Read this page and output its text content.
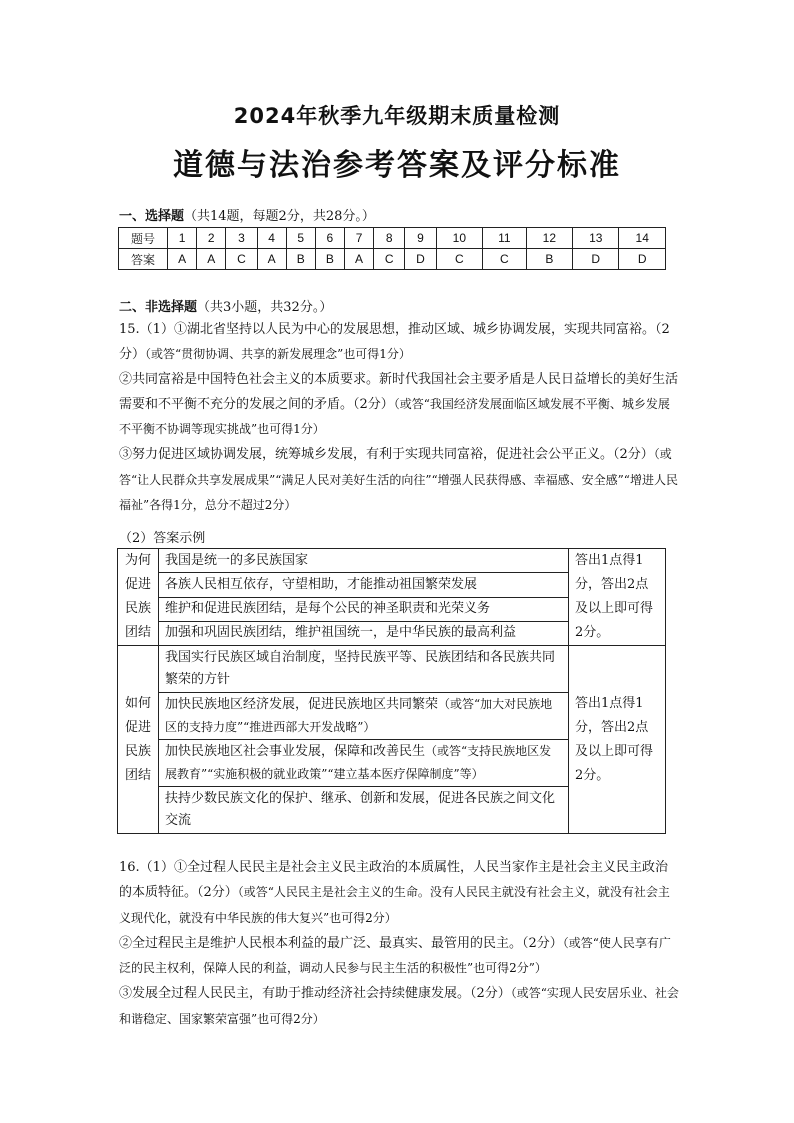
2024年秋季九年级期末质量检测
道德与法治参考答案及评分标准
一、选择题（共14题，每题2分，共28分。）
题号	1	2	3	4	5	6	7	8	9	10	11	12	13	14
答案	A	A	C	A	B	B	A	C	D	C	C	B	D	D
二、非选择题（共3小题，共32分。）
15.（1）①湖北省坚持以人民为中心的发展思想，推动区域、城乡协调发展，实现共同富裕。（2分）（或答“贯彻协调、共享的新发展理念”也可得1分）
②共同富裕是中国特色社会主义的本质要求。新时代我国社会主要矛盾是人民日益增长的美好生活需要和不平衡不充分的发展之间的矛盾。（2分）（或答“我国经济发展面临区域发展不平衡、城乡发展不平衡不协调等现实挑战”也可得1分）
③努力促进区域协调发展，统筹城乡发展，有利于实现共同富裕，促进社会公平正义。（2分）（或答“让人民群众共享发展成果”“满足人民对美好生活的向往”“增强人民获得感、幸福感、安全感”“增进人民福祉”各得1分，总分不超过2分）
（2）答案示例
为何促进民族团结	我国是统一的多民族国家	答出1点得1分，答出2点及以上即可得2分。
	各族人民相互依存，守望相助，才能推动祖国繁荣发展	
	维护和促进民族团结，是每个公民的神圣职责和光荣义务	
	加强和巩固民族团结，维护祖国统一，是中华民族的最高利益	
如何促进民族团结	我国实行民族区域自治制度，坚持民族平等、民族团结和各民族共同繁荣的方针	答出1点得1分，答出2点及以上即可得2分。
	加快民族地区经济发展，促进民族地区共同繁荣（或答“加大对民族地区的支持力度”“推进西部大开发战略”）	
	加快民族地区社会事业发展，保障和改善民生（或答“支持民族地区发展教育”“实施积极的就业政策”“建立基本医疗保障制度”等）	
	扶持少数民族文化的保护、继承、创新和发展，促进各民族之间文化交流	
16.（1）①全过程人民民主是社会主义民主政治的本质属性，人民当家作主是社会主义民主政治的本质特征。（2分）（或答“人民民主是社会主义的生命。没有人民民主就没有社会主义，就没有社会主义现代化，就没有中华民族的伟大复兴”也可得2分）
②全过程民主是维护人民根本利益的最广泛、最真实、最管用的民主。（2分）（或答“使人民享有广泛的民主权利，保障人民的利益，调动人民参与民主生活的积极性”也可得2分”）
③发展全过程人民民主，有助于推动经济社会持续健康发展。（2分）（或答“实现人民安居乐业、社会和谐稳定、国家繁荣富强”也可得2分）
